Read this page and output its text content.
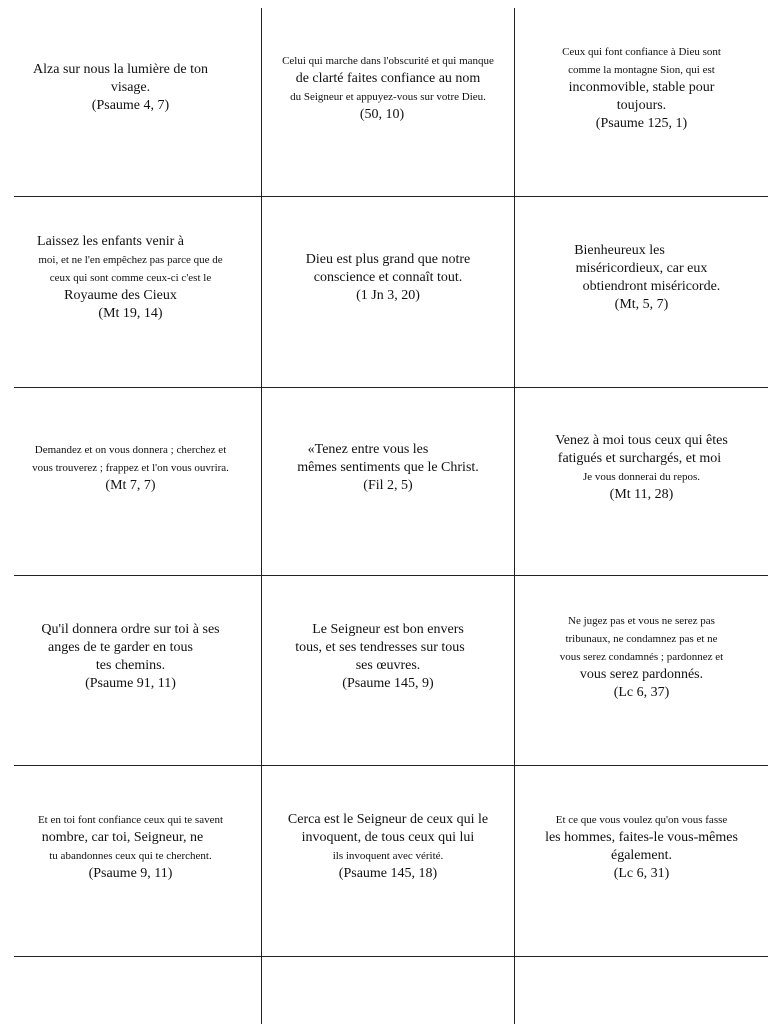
Alza sur nous la lumière de ton
visage.
(Psaume 4, 7)
Celui qui marche dans l'obscurité et qui manque
de clarté faites confiance au nom
du Seigneur et appuyez-vous sur votre Dieu.
(50, 10)
Ceux qui font confiance à Dieu sont
comme la montagne Sion, qui est
inconmovible, stable pour
toujours.
(Psaume 125, 1)
Laissez les enfants venir à
moi, et ne l'en empêchez pas parce que de
ceux qui sont comme ceux-ci c'est le
Royaume des Cieux
(Mt 19, 14)
Dieu est plus grand que notre
conscience et connaît tout.
(1 Jn 3, 20)
Bienheureux les
miséricordieux, car eux
obtiendront miséricorde.
(Mt, 5, 7)
Demandez et on vous donnera ; cherchez et
vous trouverez ; frappez et l'on vous ouvrira.
(Mt 7, 7)
«Tenez entre vous les
mêmes sentiments que le Christ.
(Fil 2, 5)
Venez à moi tous ceux qui êtes
fatigués et surchargés, et moi
Je vous donnerai du repos.
(Mt 11, 28)
Qu'il donnera ordre sur toi à ses
anges de te garder en tous
tes chemins.
(Psaume 91, 11)
Le Seigneur est bon envers
tous, et ses tendresses sur tous
ses œuvres.
(Psaume 145, 9)
Ne jugez pas et vous ne serez pas
tribunaux, ne condamnez pas et ne
vous serez condamnés ; pardonnez et
vous serez pardonnés.
(Lc 6, 37)
Et en toi font confiance ceux qui te savent
nombre, car toi, Seigneur, ne
tu abandonnes ceux qui te cherchent.
(Psaume 9, 11)
Cerca est le Seigneur de ceux qui le
invoquent, de tous ceux qui lui
ils invoquent avec vérité.
(Psaume 145, 18)
Et ce que vous voulez qu'on vous fasse
les hommes, faites-le vous-mêmes
également.
(Lc 6, 31)
